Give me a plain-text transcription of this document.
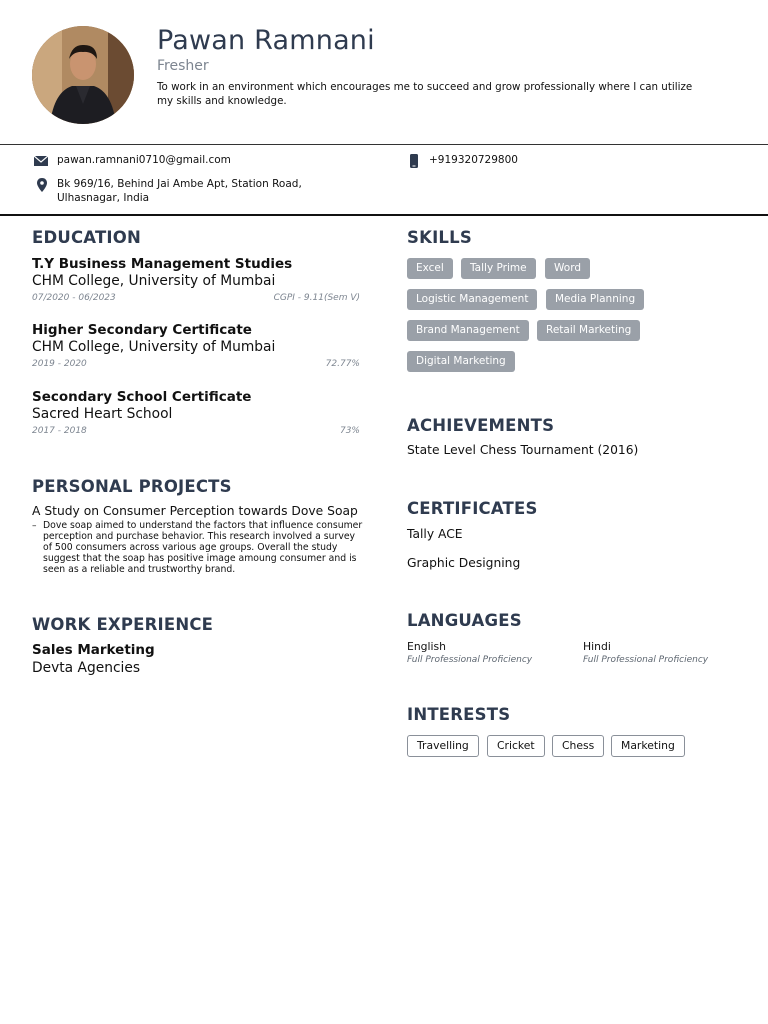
Pawan Ramnani
Fresher
To work in an environment which encourages me to succeed and grow professionally where I can utilize my skills and knowledge.
pawan.ramnani0710@gmail.com	+919320729800
Bk 969/16, Behind Jai Ambe Apt, Station Road,
Ulhasnagar, India
EDUCATION
T.Y Business Management Studies
CHM College, University of Mumbai
07/2020 - 06/2023	CGPI - 9.11(Sem V)
Higher Secondary Certificate
CHM College, University of Mumbai
2019 - 2020	72.77%
Secondary School Certificate
Sacred Heart School
2017 - 2018	73%
PERSONAL PROJECTS
A Study on Consumer Perception towards Dove Soap
– Dove soap aimed to understand the factors that influence consumer perception and purchase behavior. This research involved a survey of 500 consumers across various age groups. Overall the study suggest that the soap has positive image amoung consumer and is seen as a reliable and trustworthy brand.
WORK EXPERIENCE
Sales Marketing
Devta Agencies
SKILLS
Excel	Tally Prime	Word
Logistic Management	Media Planning
Brand Management	Retail Marketing
Digital Marketing
ACHIEVEMENTS
State Level Chess Tournament (2016)
CERTIFICATES
Tally ACE
Graphic Designing
LANGUAGES
English
Full Professional Proficiency
Hindi
Full Professional Proficiency
INTERESTS
Travelling	Cricket	Chess	Marketing
